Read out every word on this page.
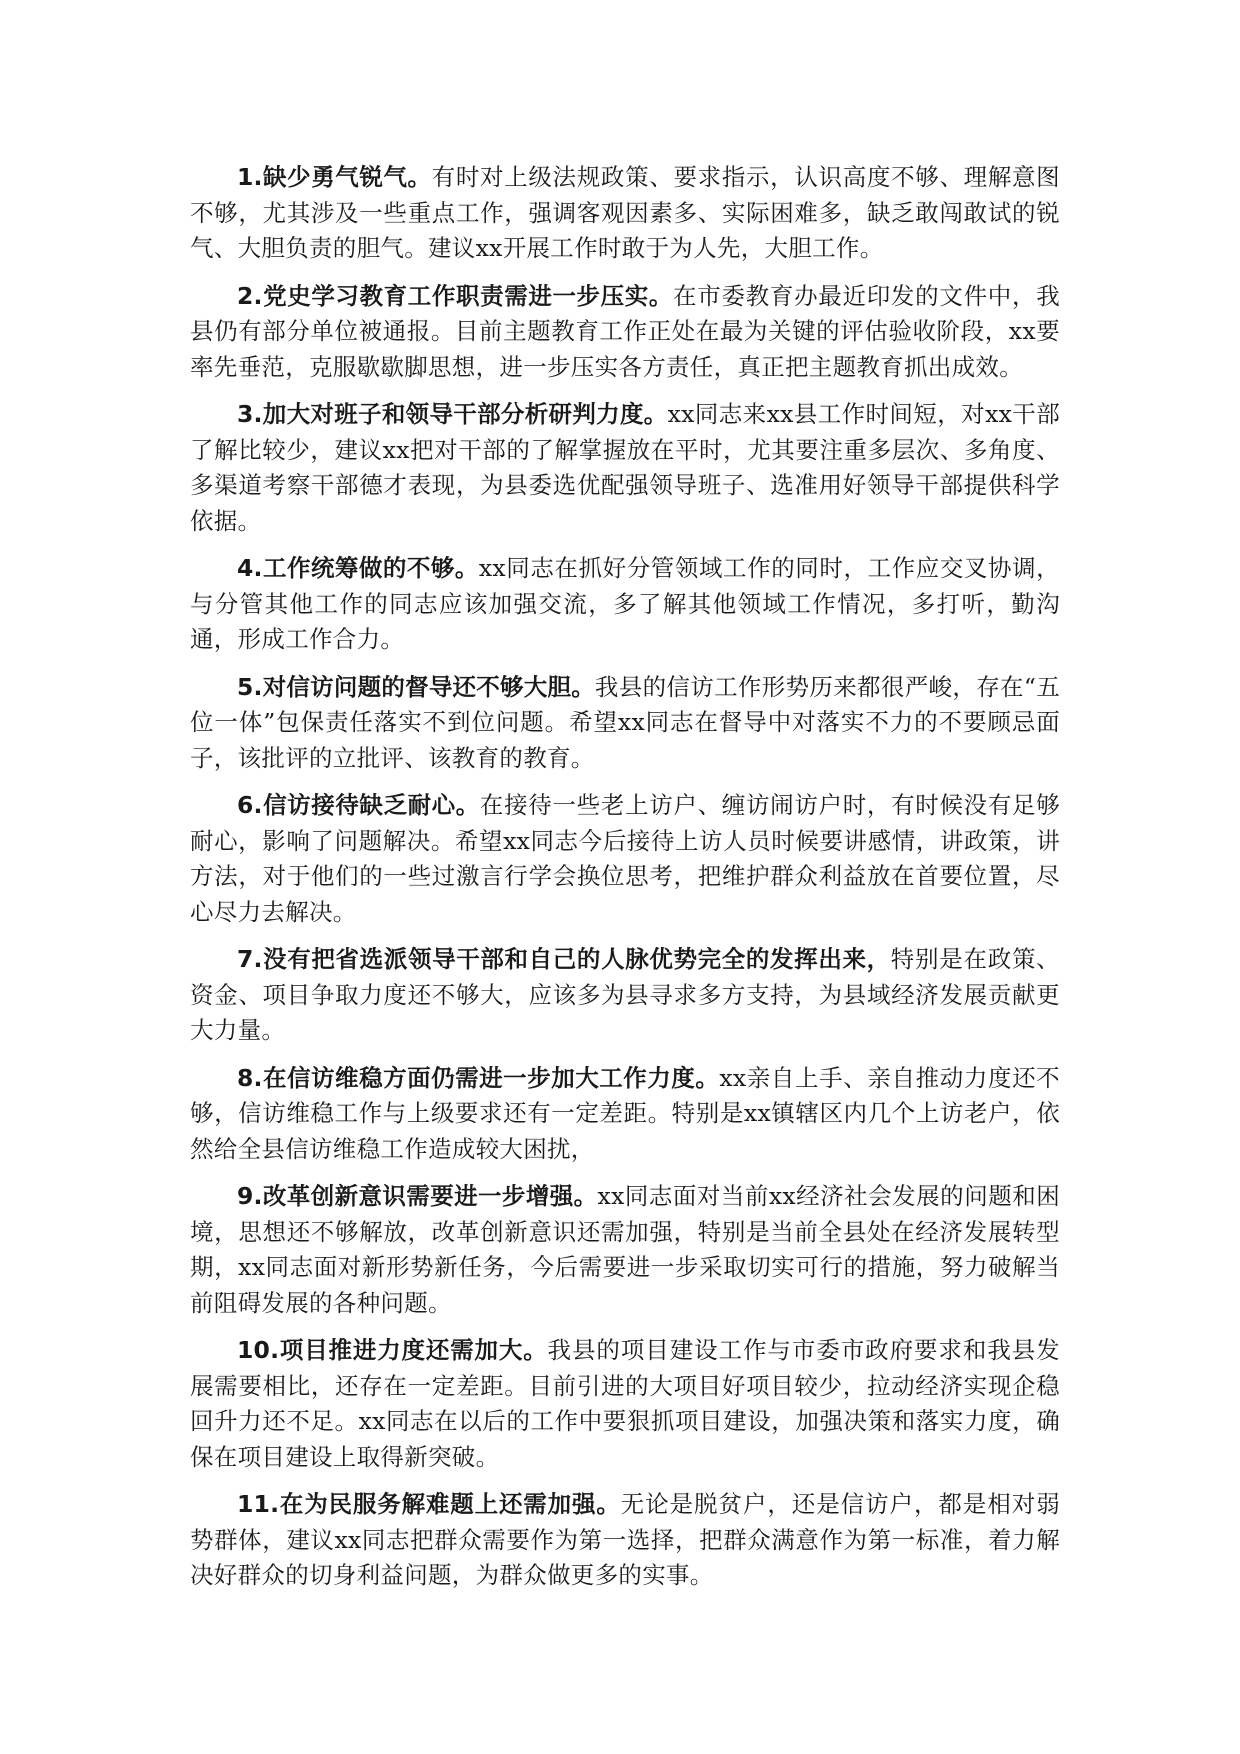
1.缺少勇气锐气。有时对上级法规政策、要求指示，认识高度不够、理解意图不够，尤其涉及一些重点工作，强调客观因素多、实际困难多，缺乏敢闯敢试的锐气、大胆负责的胆气。建议xx开展工作时敢于为人先，大胆工作。

2.党史学习教育工作职责需进一步压实。在市委教育办最近印发的文件中，我县仍有部分单位被通报。目前主题教育工作正处在最为关键的评估验收阶段，xx要率先垂范，克服歇歇脚思想，进一步压实各方责任，真正把主题教育抓出成效。

3.加大对班子和领导干部分析研判力度。xx同志来xx县工作时间短，对xx干部了解比较少，建议xx把对干部的了解掌握放在平时，尤其要注重多层次、多角度、多渠道考察干部德才表现，为县委选优配强领导班子、选准用好领导干部提供科学依据。

4.工作统筹做的不够。xx同志在抓好分管领域工作的同时，工作应交叉协调，与分管其他工作的同志应该加强交流，多了解其他领域工作情况，多打听，勤沟通，形成工作合力。

5.对信访问题的督导还不够大胆。我县的信访工作形势历来都很严峻，存在“五位一体”包保责任落实不到位问题。希望xx同志在督导中对落实不力的不要顾忌面子，该批评的立批评、该教育的教育。

6.信访接待缺乏耐心。在接待一些老上访户、缠访闹访户时，有时候没有足够耐心，影响了问题解决。希望xx同志今后接待上访人员时候要讲感情，讲政策，讲方法，对于他们的一些过激言行学会换位思考，把维护群众利益放在首要位置，尽心尽力去解决。

7.没有把省选派领导干部和自己的人脉优势完全的发挥出来，特别是在政策、资金、项目争取力度还不够大，应该多为县寻求多方支持，为县域经济发展贡献更大力量。

8.在信访维稳方面仍需进一步加大工作力度。xx亲自上手、亲自推动力度还不够，信访维稳工作与上级要求还有一定差距。特别是xx镇辖区内几个上访老户，依然给全县信访维稳工作造成较大困扰，

9.改革创新意识需要进一步增强。xx同志面对当前xx经济社会发展的问题和困境，思想还不够解放，改革创新意识还需加强，特别是当前全县处在经济发展转型期，xx同志面对新形势新任务，今后需要进一步采取切实可行的措施，努力破解当前阻碍发展的各种问题。

10.项目推进力度还需加大。我县的项目建设工作与市委市政府要求和我县发展需要相比，还存在一定差距。目前引进的大项目好项目较少，拉动经济实现企稳回升力还不足。xx同志在以后的工作中要狠抓项目建设，加强决策和落实力度，确保在项目建设上取得新突破。

11.在为民服务解难题上还需加强。无论是脱贫户，还是信访户，都是相对弱势群体，建议xx同志把群众需要作为第一选择，把群众满意作为第一标准，着力解决好群众的切身利益问题，为群众做更多的实事。
